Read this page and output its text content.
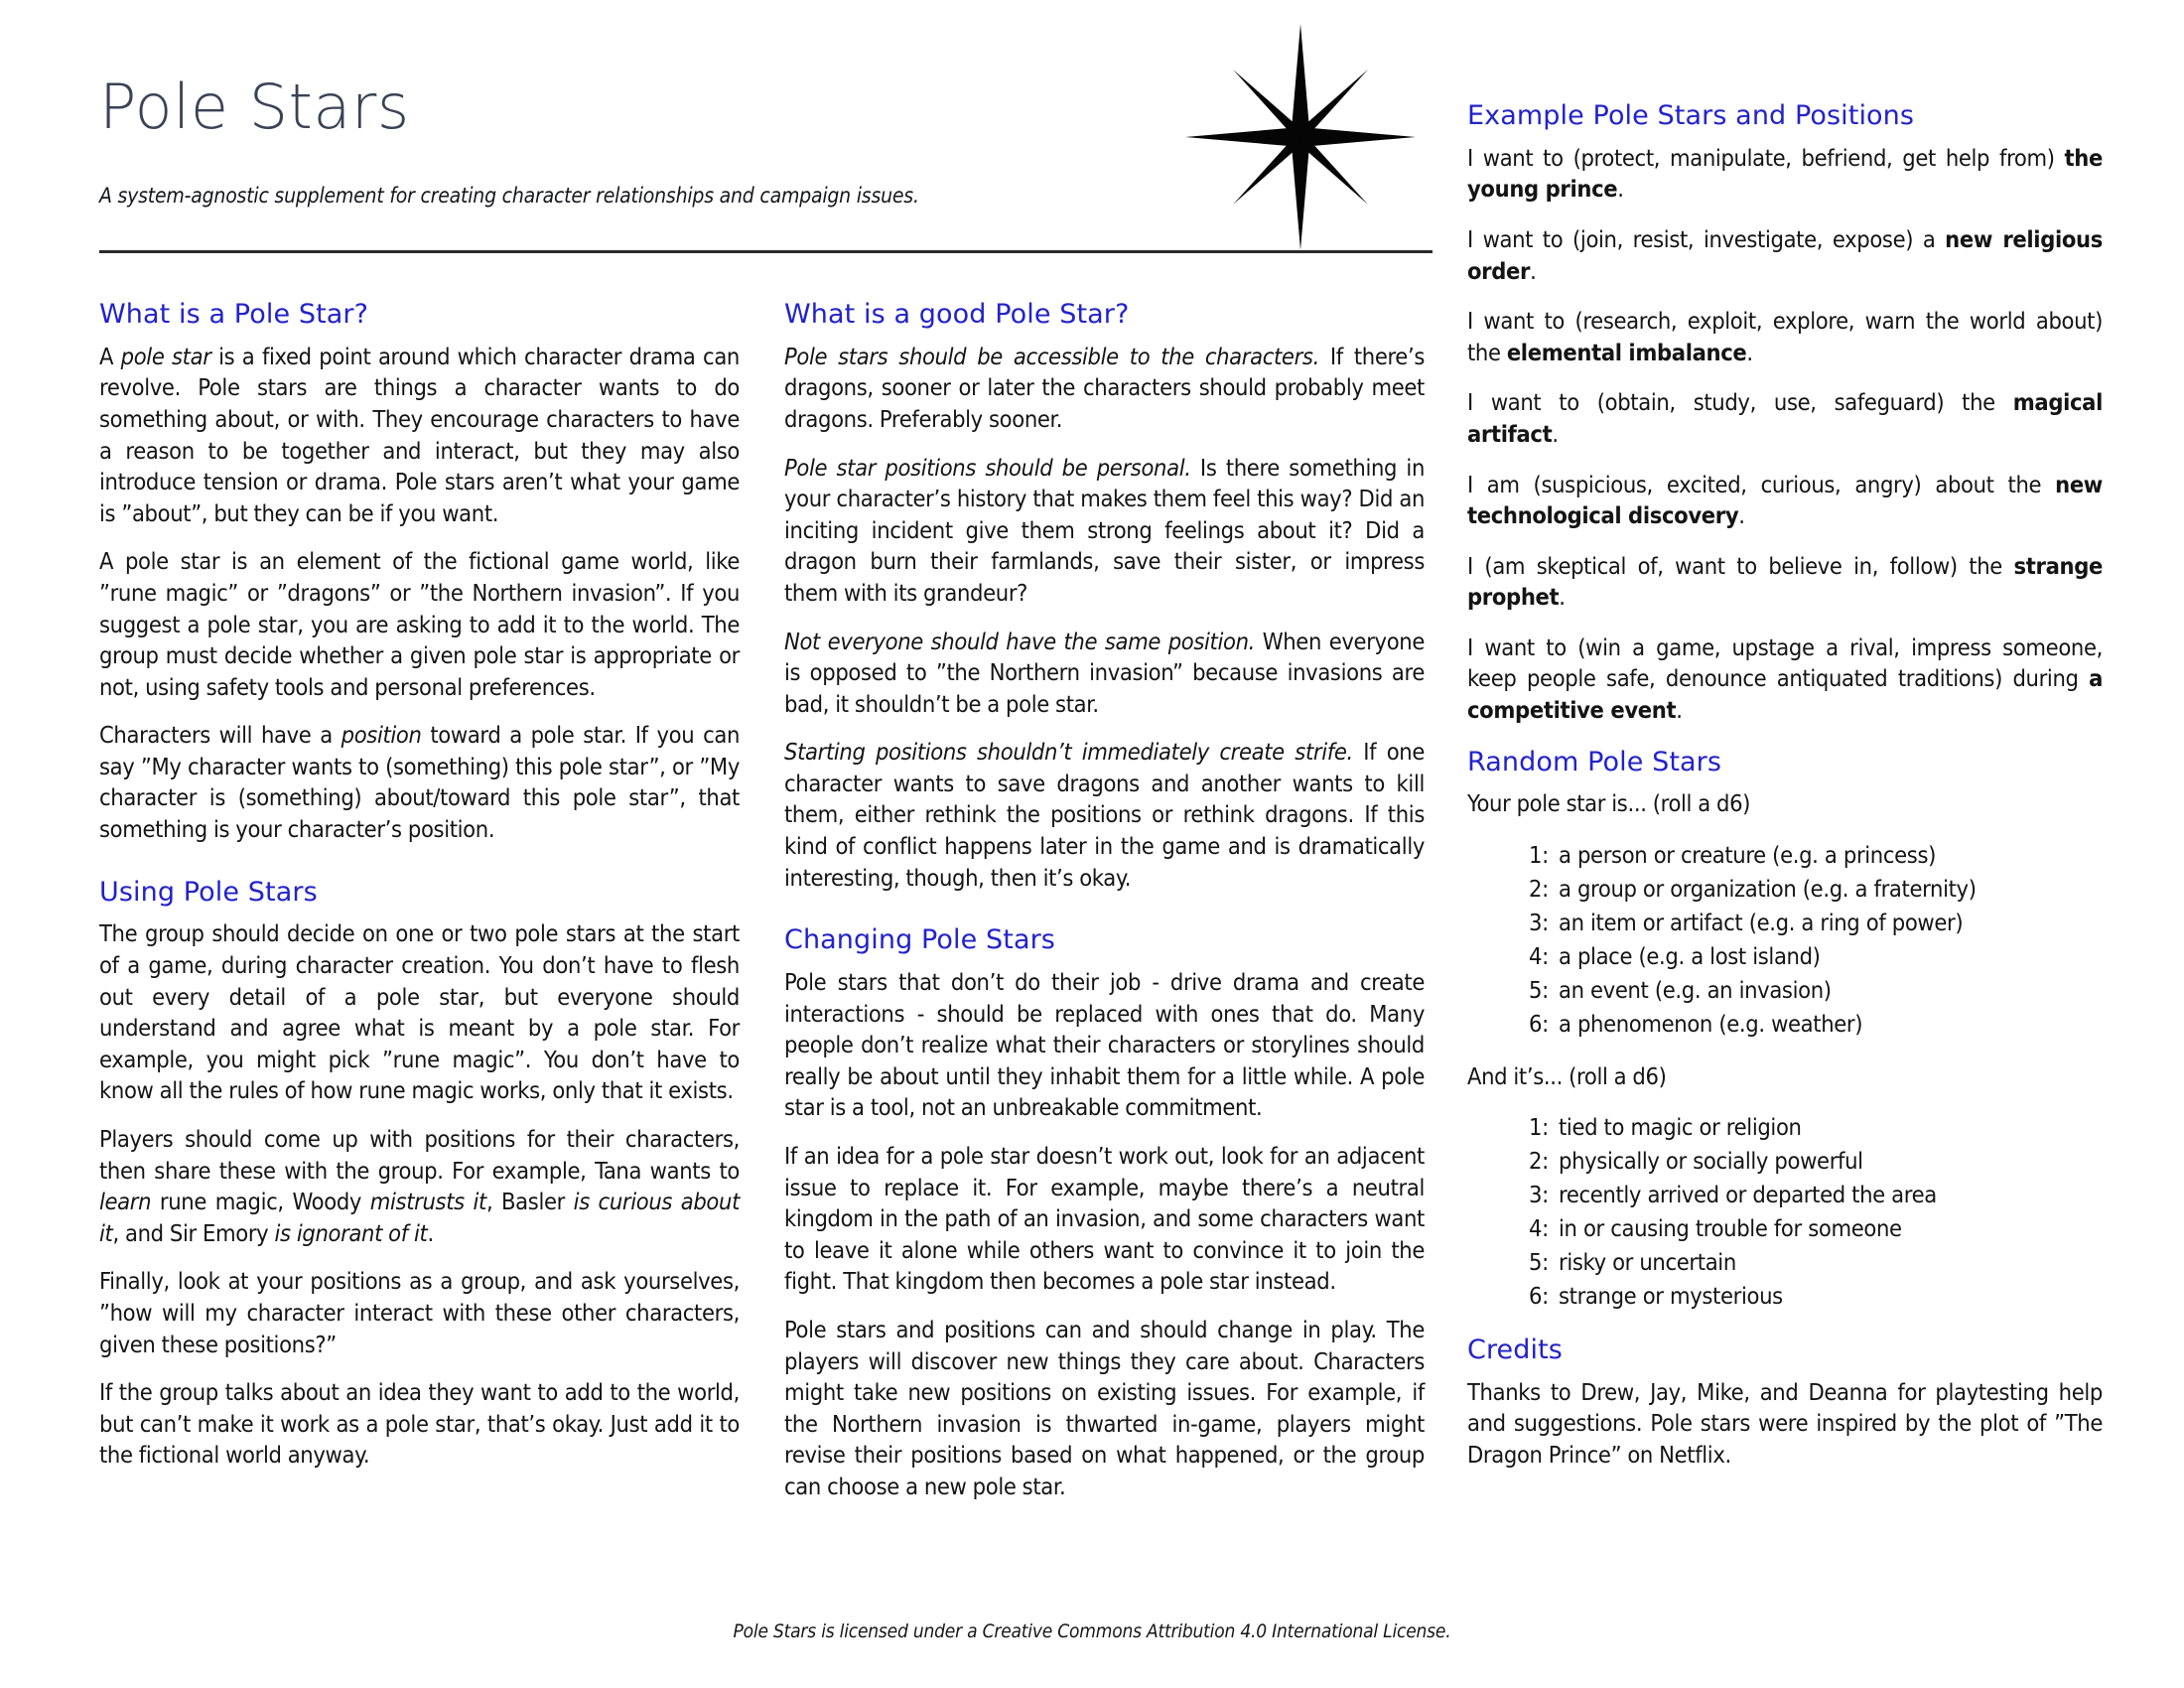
Pole Stars
A system-agnostic supplement for creating character relationships and campaign issues.
What is a Pole Star?

A pole star is a fixed point around which character drama can revolve. Pole stars are things a character wants to do something about, or with. They encourage characters to have a reason to be together and interact, but they may also introduce tension or drama. Pole stars aren’t what your game is ”about”, but they can be if you want.

A pole star is an element of the fictional game world, like ”rune magic” or ”dragons” or ”the Northern invasion”. If you suggest a pole star, you are asking to add it to the world. The group must decide whether a given pole star is appropriate or not, using safety tools and personal preferences.

Characters will have a position toward a pole star. If you can say ”My character wants to (something) this pole star”, or ”My character is (something) about/toward this pole star”, that something is your character’s position.

Using Pole Stars

The group should decide on one or two pole stars at the start of a game, during character creation. You don’t have to flesh out every detail of a pole star, but everyone should understand and agree what is meant by a pole star. For example, you might pick ”rune magic”. You don’t have to know all the rules of how rune magic works, only that it exists.

Players should come up with positions for their characters, then share these with the group. For example, Tana wants to learn rune magic, Woody mistrusts it, Basler is curious about it, and Sir Emory is ignorant of it.

Finally, look at your positions as a group, and ask yourselves, ”how will my character interact with these other characters, given these positions?”

If the group talks about an idea they want to add to the world, but can’t make it work as a pole star, that’s okay. Just add it to the fictional world anyway.

What is a good Pole Star?

Pole stars should be accessible to the characters. If there’s dragons, sooner or later the characters should probably meet dragons. Preferably sooner.

Pole star positions should be personal. Is there something in your character’s history that makes them feel this way? Did an inciting incident give them strong feelings about it? Did a dragon burn their farmlands, save their sister, or impress them with its grandeur?

Not everyone should have the same position. When everyone is opposed to ”the Northern invasion” because invasions are bad, it shouldn’t be a pole star.

Starting positions shouldn’t immediately create strife. If one character wants to save dragons and another wants to kill them, either rethink the positions or rethink dragons. If this kind of conflict happens later in the game and is dramatically interesting, though, then it’s okay.

Changing Pole Stars

Pole stars that don’t do their job - drive drama and create interactions - should be replaced with ones that do. Many people don’t realize what their characters or storylines should really be about until they inhabit them for a little while. A pole star is a tool, not an unbreakable commitment.

If an idea for a pole star doesn’t work out, look for an adjacent issue to replace it. For example, maybe there’s a neutral kingdom in the path of an invasion, and some characters want to leave it alone while others want to convince it to join the fight. That kingdom then becomes a pole star instead.

Pole stars and positions can and should change in play. The players will discover new things they care about. Characters might take new positions on existing issues. For example, if the Northern invasion is thwarted in-game, players might revise their positions based on what happened, or the group can choose a new pole star.

Example Pole Stars and Positions

I want to (protect, manipulate, befriend, get help from) the young prince.

I want to (join, resist, investigate, expose) a new religious order.

I want to (research, exploit, explore, warn the world about) the elemental imbalance.

I want to (obtain, study, use, safeguard) the magical artifact.

I am (suspicious, excited, curious, angry) about the new technological discovery.

I (am skeptical of, want to believe in, follow) the strange prophet.

I want to (win a game, upstage a rival, impress someone, keep people safe, denounce antiquated traditions) during a competitive event.

Random Pole Stars

Your pole star is... (roll a d6)

1: a person or creature (e.g. a princess)
2: a group or organization (e.g. a fraternity)
3: an item or artifact (e.g. a ring of power)
4: a place (e.g. a lost island)
5: an event (e.g. an invasion)
6: a phenomenon (e.g. weather)

And it’s... (roll a d6)

1: tied to magic or religion
2: physically or socially powerful
3: recently arrived or departed the area
4: in or causing trouble for someone
5: risky or uncertain
6: strange or mysterious
Credits

Thanks to Drew, Jay, Mike, and Deanna for playtesting help and suggestions. Pole stars were inspired by the plot of ”The Dragon Prince” on Netflix.

Pole Stars is licensed under a Creative Commons Attribution 4.0 International License.
